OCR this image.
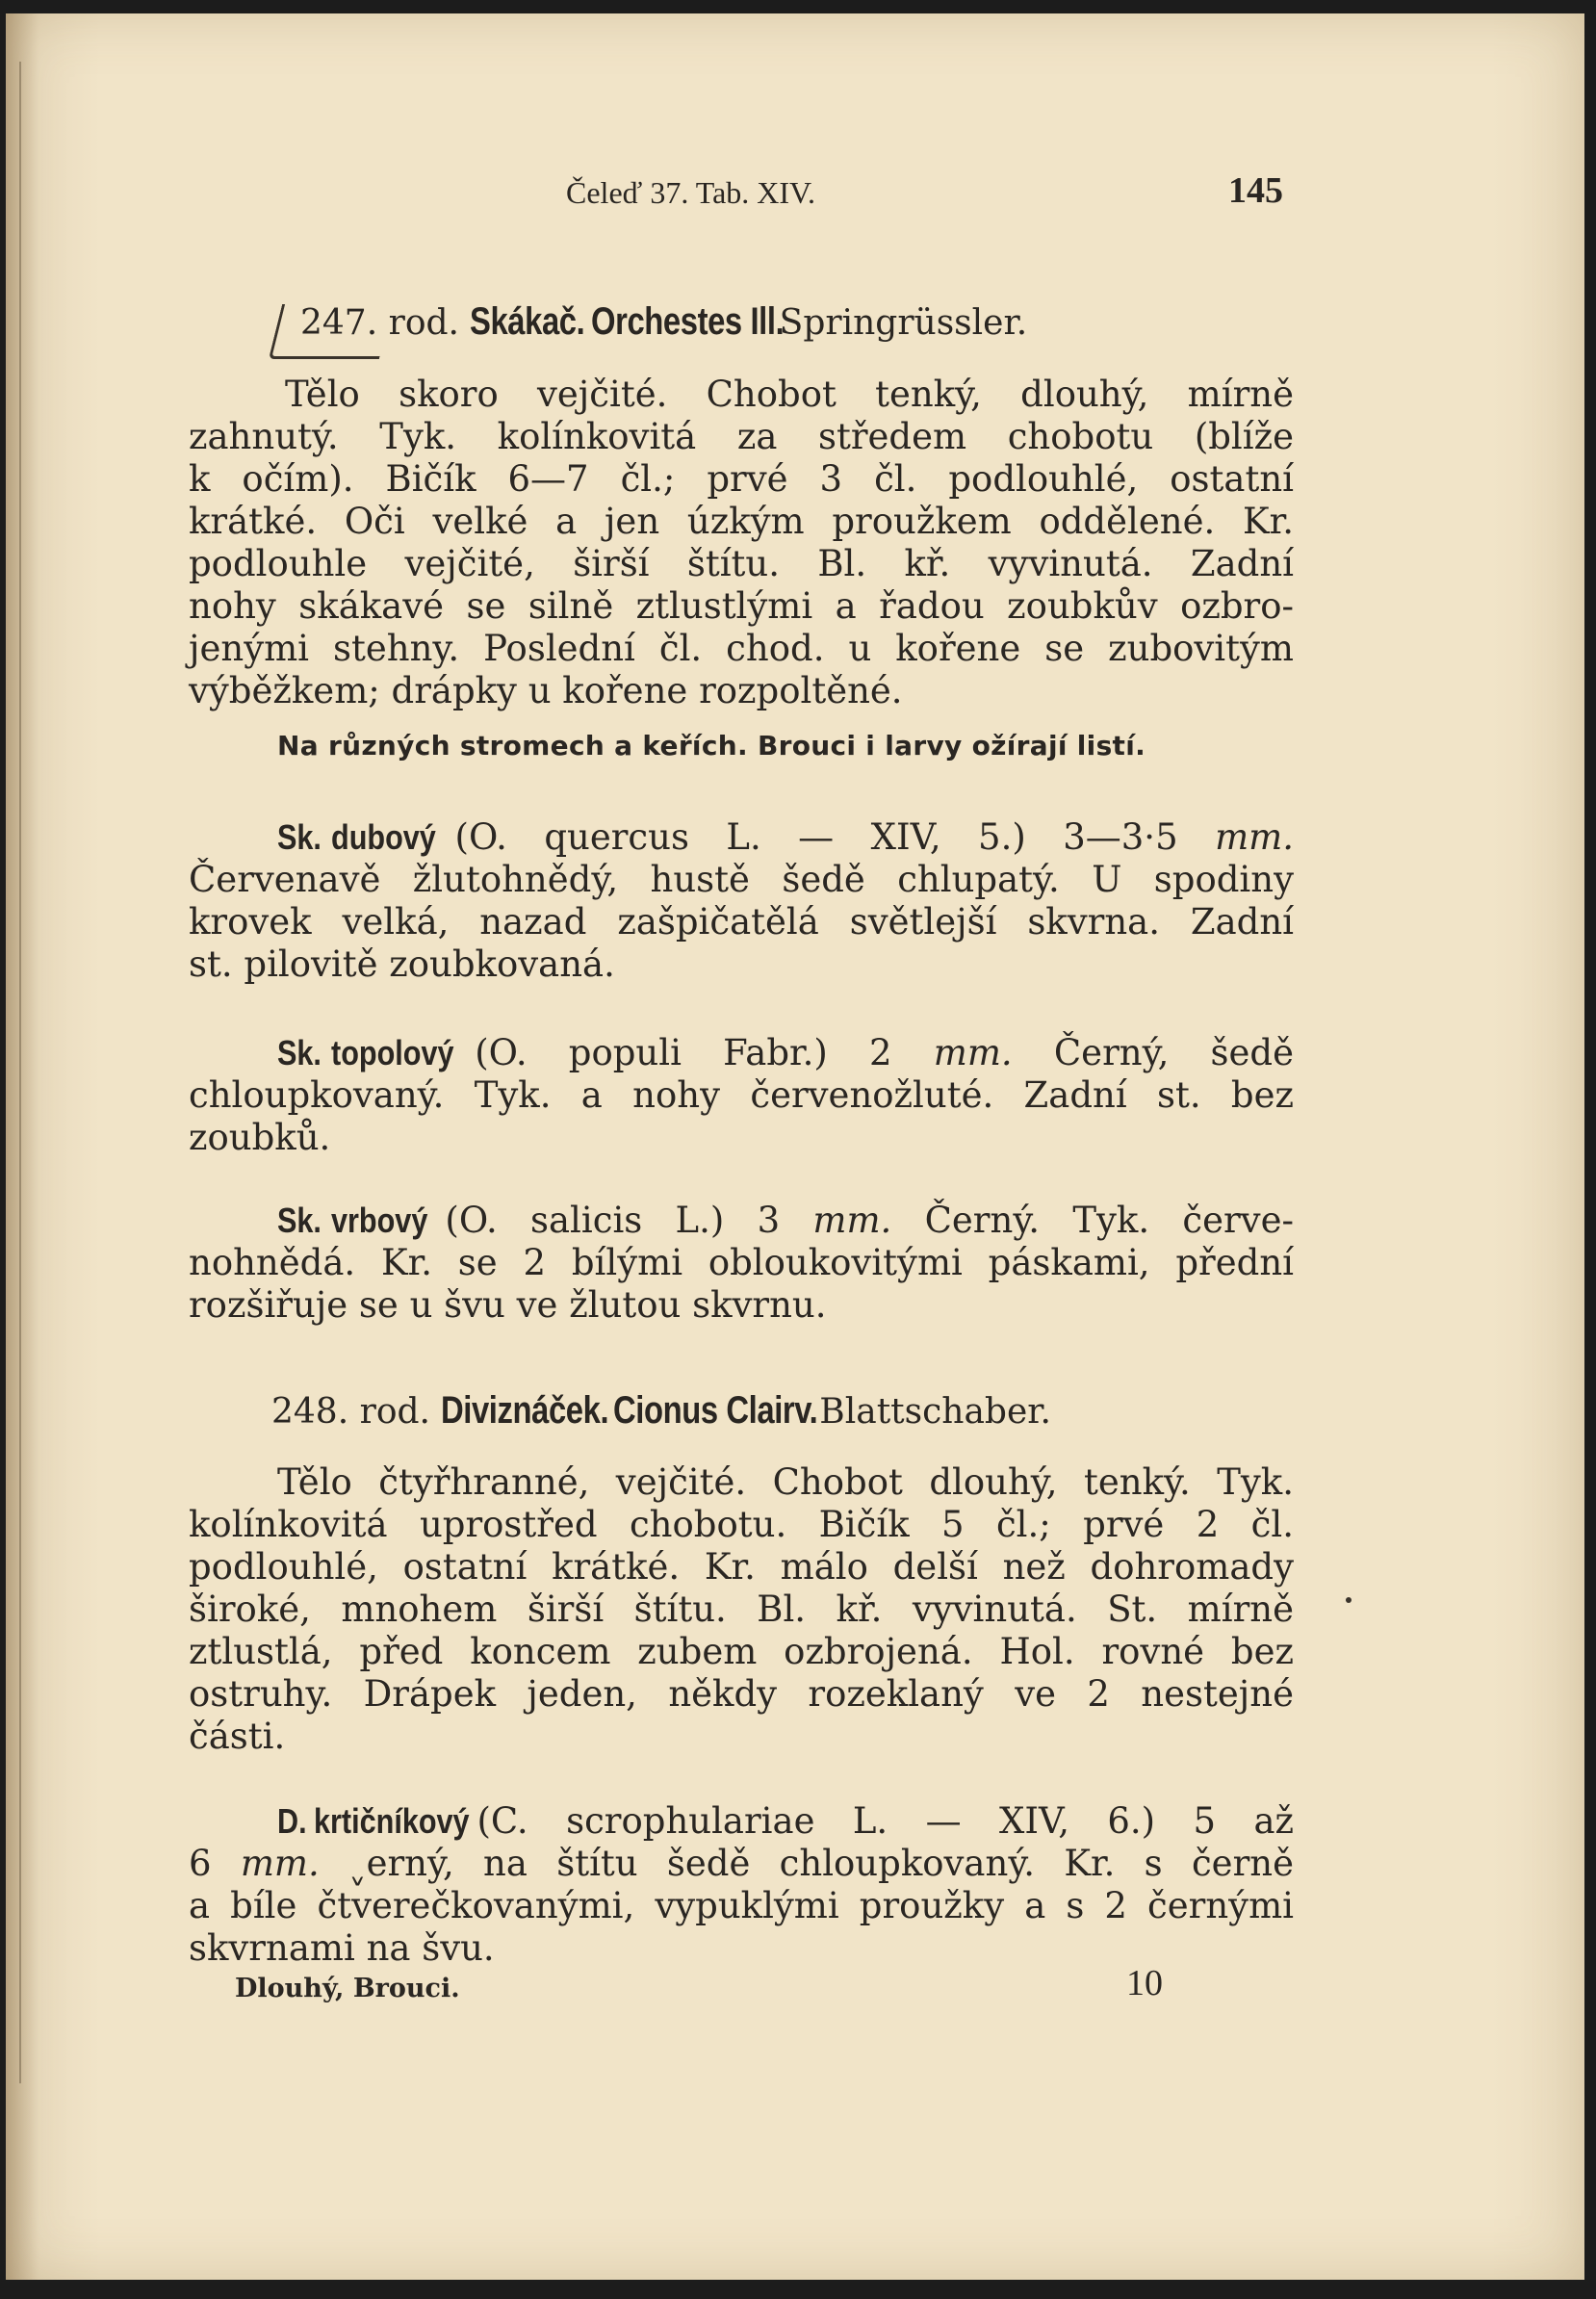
Čeleď 37. Tab. XIV.	145
247. rod. Skákač. Orchestes Ill. Springrüssler.
Tělo skoro vejčité. Chobot tenký, dlouhý, mírně
zahnutý. Tyk. kolínkovitá za středem chobotu (blíže
k očím). Bičík 6—7 čl.; prvé 3 čl. podlouhlé, ostatní
krátké. Oči velké a jen úzkým proužkem oddělené. Kr.
podlouhle vejčité, širší štítu. Bl. kř. vyvinutá. Zadní
nohy skákavé se silně ztlustlými a řadou zoubkův ozbro-
jenými stehny. Poslední čl. chod. u kořene se zubovitým
výběžkem; drápky u kořene rozpoltěné.
Na různých stromech a keřích. Brouci i larvy ožírají listí.
Sk. dubový (O. quercus L. — XIV, 5.) 3—3·5 mm.
Červenavě žlutohnědý, hustě šedě chlupatý. U spodiny
krovek velká, nazad zašpičatělá světlejší skvrna. Zadní
st. pilovitě zoubkovaná.
Sk. topolový (O. populi Fabr.) 2 mm. Černý, šedě
chloupkovaný. Tyk. a nohy červenožluté. Zadní st. bez
zoubků.
Sk. vrbový (O. salicis L.) 3 mm. Černý. Tyk. červe-
nohnědá. Kr. se 2 bílými obloukovitými páskami, přední
rozšiřuje se u švu ve žlutou skvrnu.
248. rod. Diviznáček. Cionus Clairv. Blattschaber.
Tělo čtyřhranné, vejčité. Chobot dlouhý, tenký. Tyk.
kolínkovitá uprostřed chobotu. Bičík 5 čl.; prvé 2 čl.
podlouhlé, ostatní krátké. Kr. málo delší než dohromady
široké, mnohem širší štítu. Bl. kř. vyvinutá. St. mírně
ztlustlá, před koncem zubem ozbrojená. Hol. rovné bez
ostruhy. Drápek jeden, někdy rozeklaný ve 2 nestejné
části.
D. krtičníkový (C. scrophulariae L. — XIV, 6.) 5 až
6 mm. ˬerný, na štítu šedě chloupkovaný. Kr. s černě
a bíle čtverečkovanými, vypuklými proužky a s 2 černými
skvrnami na švu.
Dlouhý, Brouci.	10
